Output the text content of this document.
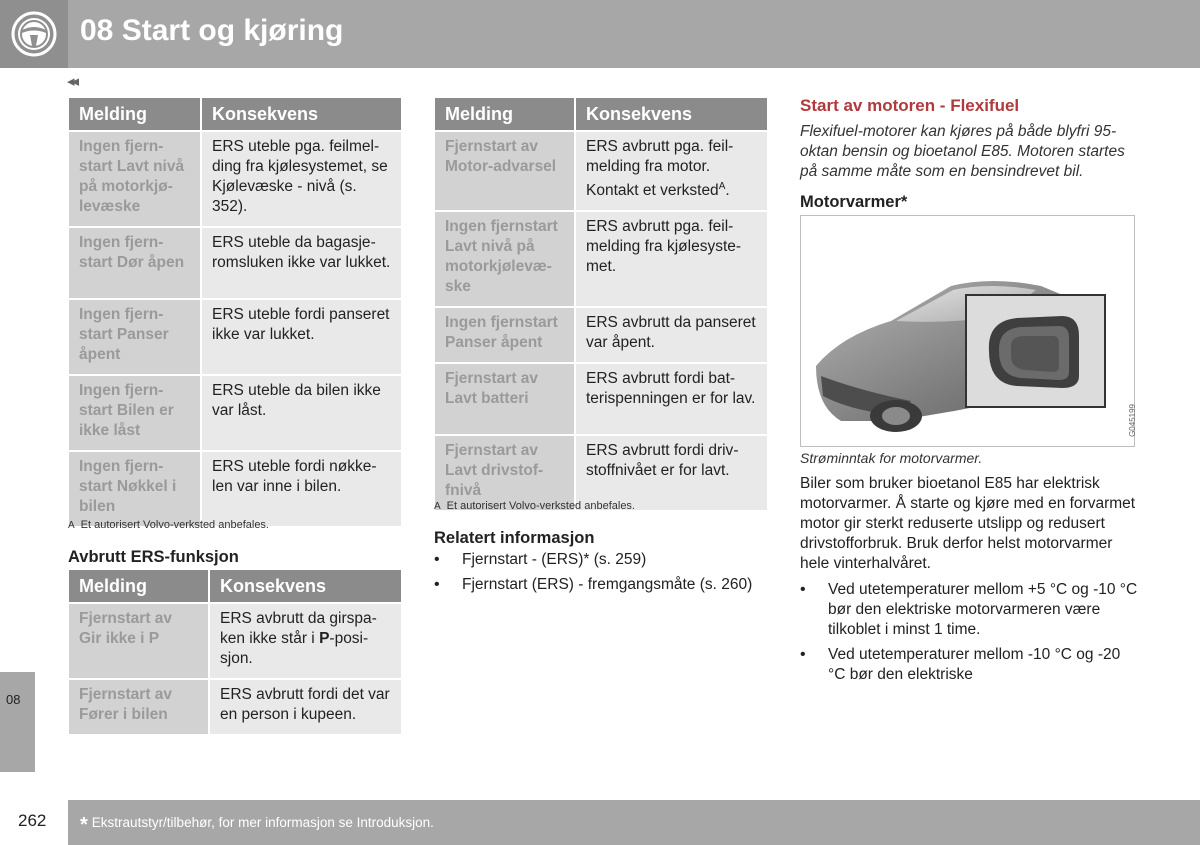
08 Start og kjøring
08
◂◂
Melding	Konsekvens
Ingen fjernstart Lavt nivå på motorkjølevæske	ERS uteble pga. feilmelding fra kjølesystemet, se Kjølevæske - nivå (s. 352).
Ingen fjernstart Dør åpen	ERS uteble da bagasjeromsluken ikke var lukket.
Ingen fjernstart Panser åpent	ERS uteble fordi panseret ikke var lukket.
Ingen fjernstart Bilen er ikke låst	ERS uteble da bilen ikke var låst.
Ingen fjernstart Nøkkel i bilen	ERS uteble fordi nøkkelen var inne i bilen.
A Et autorisert Volvo-verksted anbefales.
Avbrutt ERS-funksjon
Melding	Konsekvens
Fjernstart av Gir ikke i P	ERS avbrutt da girspaken ikke står i P-posisjon.
Fjernstart av Fører i bilen	ERS avbrutt fordi det var en person i kupeen.
Melding	Konsekvens
Fjernstart av Motor-advarsel	ERS avbrutt pga. feilmelding fra motor. Kontakt et verksted$^A$.
Ingen fjernstart Lavt nivå på motorkjølevæske	ERS avbrutt pga. feilmelding fra kjølesystemet.
Ingen fjernstart Panser åpent	ERS avbrutt da panseret var åpent.
Fjernstart av Lavt batteri	ERS avbrutt fordi batterispenningen er for lav.
Fjernstart av Lavt drivstoffnivå	ERS avbrutt fordi drivstoffnivået er for lavt.
A Et autorisert Volvo-verksted anbefales.
Relatert informasjon
• Fjernstart - (ERS)* (s. 259)
• Fjernstart (ERS) - fremgangsmåte (s. 260)
Start av motoren - Flexifuel
Flexifuel-motorer kan kjøres på både blyfri 95-oktan bensin og bioetanol E85. Motoren startes på samme måte som en bensindrevet bil.
Motorvarmer*
G045199
Strøminntak for motorvarmer.
Biler som bruker bioetanol E85 har elektrisk motorvarmer. Å starte og kjøre med en forvarmet motor gir sterkt reduserte utslipp og redusert drivstofforbruk. Bruk derfor helst motorvarmer hele vinterhalvåret.
• Ved utetemperaturer mellom +5 °C og -10 °C bør den elektriske motorvarmeren være tilkoblet i minst 1 time.
• Ved utetemperaturer mellom -10 °C og -20 °C bør den elektriske
262 * Ekstrautstyr/tilbehør, for mer informasjon se Introduksjon.
